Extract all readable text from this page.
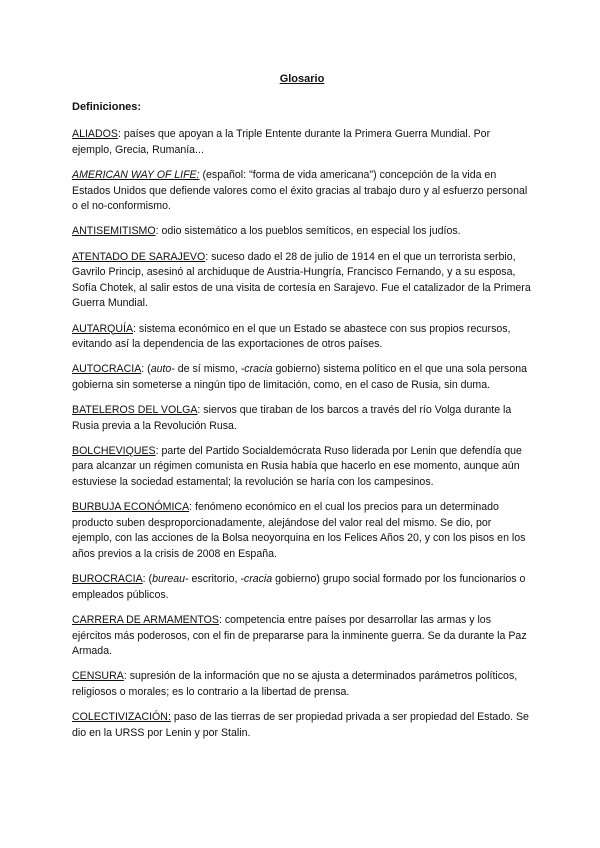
Glosario
Definiciones:

ALIADOS: países que apoyan a la Triple Entente durante la Primera Guerra Mundial. Por ejemplo, Grecia, Rumanía...

AMERICAN WAY OF LIFE: (español: "forma de vida americana") concepción de la vida en Estados Unidos que defiende valores como el éxito gracias al trabajo duro y al esfuerzo personal o el no-conformismo.

ANTISEMITISMO: odio sistemático a los pueblos semíticos, en especial los judíos.

ATENTADO DE SARAJEVO: suceso dado el 28 de julio de 1914 en el que un terrorista serbio, Gavrilo Princip, asesinó al archiduque de Austria-Hungría, Francisco Fernando, y a su esposa, Sofía Chotek, al salir estos de una visita de cortesía en Sarajevo. Fue el catalizador de la Primera Guerra Mundial.

AUTARQUÍA: sistema económico en el que un Estado se abastece con sus propios recursos, evitando así la dependencia de las exportaciones de otros países.

AUTOCRACIA: (auto- de sí mismo, -cracia gobierno) sistema político en el que una sola persona gobierna sin someterse a ningún tipo de limitación, como, en el caso de Rusia, sin duma.

BATELEROS DEL VOLGA: siervos que tiraban de los barcos a través del río Volga durante la Rusia previa a la Revolución Rusa.

BOLCHEVIQUES: parte del Partido Socialdemócrata Ruso liderada por Lenin que defendía que para alcanzar un régimen comunista en Rusia había que hacerlo en ese momento, aunque aún estuviese la sociedad estamental; la revolución se haría con los campesinos.

BURBUJA ECONÓMICA: fenómeno económico en el cual los precios para un determinado producto suben desproporcionadamente, alejándose del valor real del mismo. Se dio, por ejemplo, con las acciones de la Bolsa neoyorquina en los Felices Años 20, y con los pisos en los años previos a la crisis de 2008 en España.

BUROCRACIA: (bureau- escritorio, -cracia gobierno) grupo social formado por los funcionarios o empleados públicos.

CARRERA DE ARMAMENTOS: competencia entre países por desarrollar las armas y los ejércitos más poderosos, con el fin de prepararse para la inminente guerra. Se da durante la Paz Armada.

CENSURA: supresión de la información que no se ajusta a determinados parámetros políticos, religiosos o morales; es lo contrario a la libertad de prensa.

COLECTIVIZACIÓN: paso de las tierras de ser propiedad privada a ser propiedad del Estado. Se dio en la URSS por Lenin y por Stalin.
